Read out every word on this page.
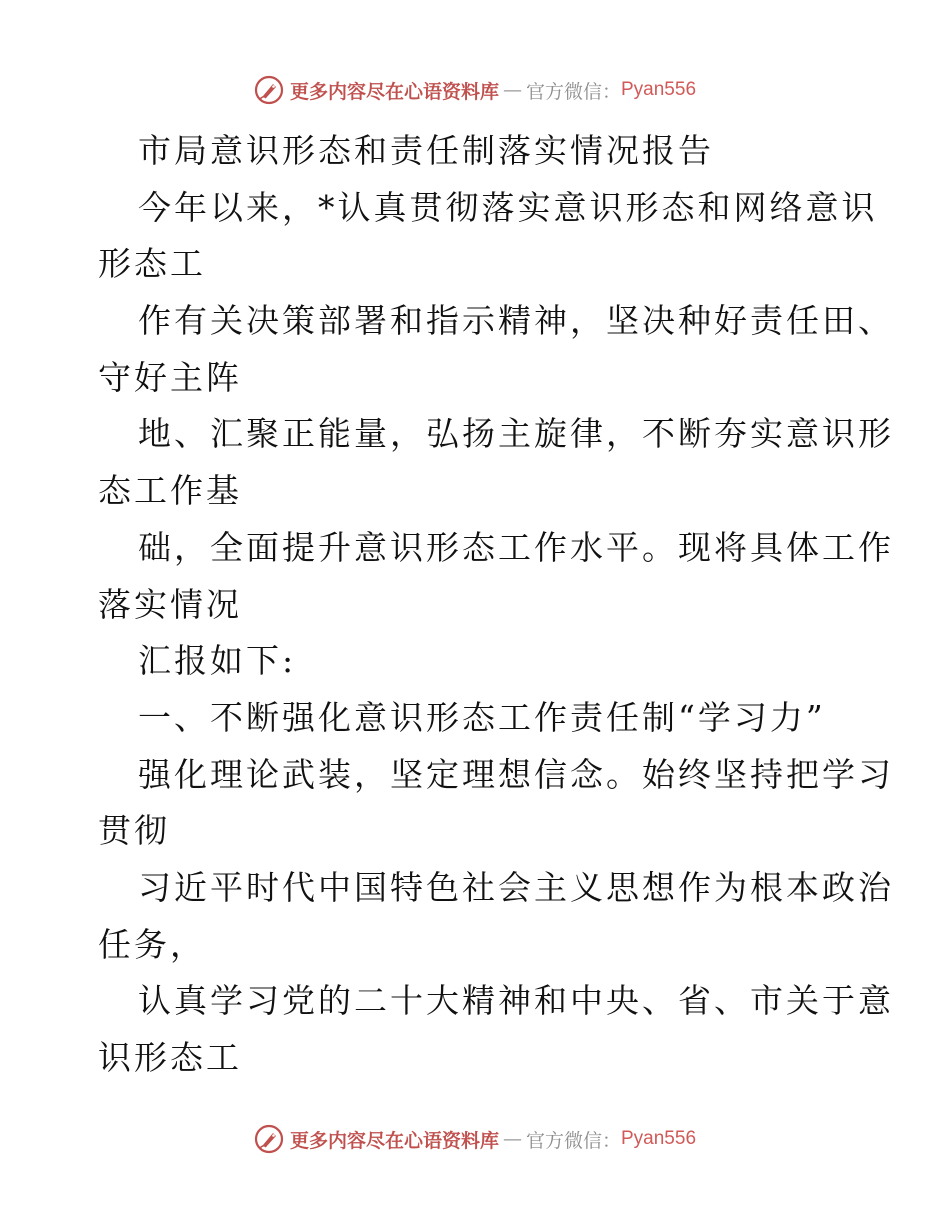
更多内容尽在心语资料库 — 官方微信： Pyan556
市局意识形态和责任制落实情况报告
今年以来，*认真贯彻落实意识形态和网络意识
形态工
作有关决策部署和指示精神，坚决种好责任田、
守好主阵
地、汇聚正能量，弘扬主旋律，不断夯实意识形
态工作基
础，全面提升意识形态工作水平。现将具体工作
落实情况
汇报如下:
一、不断强化意识形态工作责任制“学习力”
强化理论武装，坚定理想信念。始终坚持把学习
贯彻
习近平时代中国特色社会主义思想作为根本政治
任务，
认真学习党的二十大精神和中央、省、市关于意
识形态工
更多内容尽在心语资料库 — 官方微信： Pyan556
